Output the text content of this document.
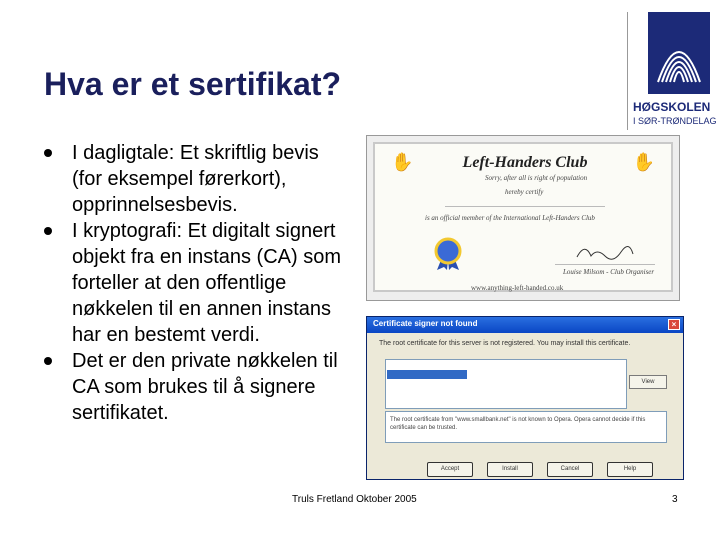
Hva er et sertifikat?
HØGSKOLEN
I SØR-TRØNDELAG
I dagligtale: Et skriftlig bevis (for eksempel førerkort), opprinnelsesbevis.
I kryptografi: Et digitalt signert objekt fra en instans (CA) som forteller at den offentlige nøkkelen til en annen instans har en bestemt verdi.
Det er den private nøkkelen til CA som brukes til å signere sertifikatet.
✋	✋
Left-Handers Club
Sorry, after all is right of population
hereby certify
is an official member of the International Left-Handers Club
Louise Milsom - Club Organiser
www.anything-left-handed.co.uk
Certificate signer not found	×
The root certificate for this server is not registered. You may install this certificate.
View
The root certificate from "www.smallbank.net" is not known to Opera. Opera cannot decide if this certificate can be trusted.
Accept	Install	Cancel	Help
Truls Fretland Oktober 2005	3
